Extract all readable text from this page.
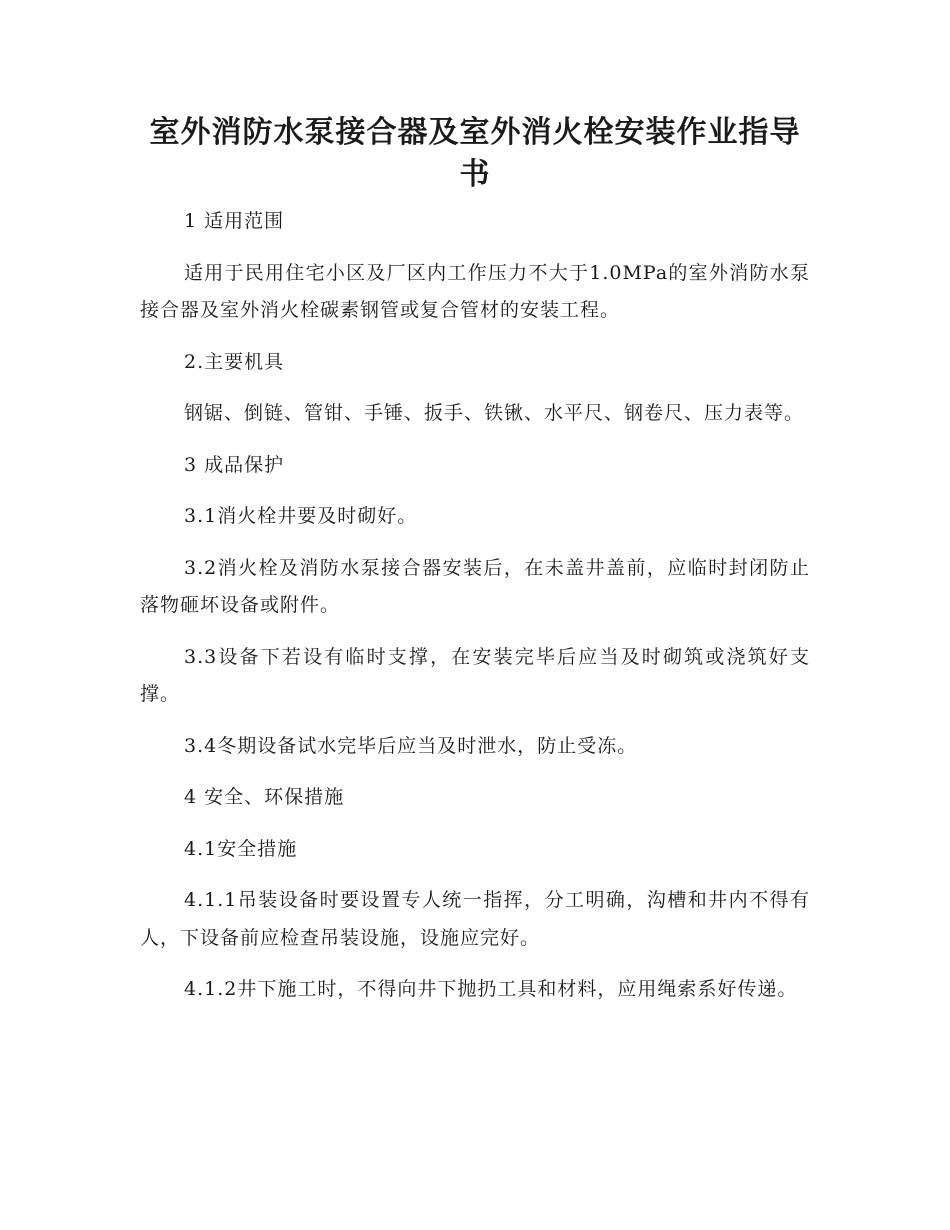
室外消防水泵接合器及室外消火栓安装作业指导书

1 适用范围

适用于民用住宅小区及厂区内工作压力不大于1.0MPa的室外消防水泵接合器及室外消火栓碳素钢管或复合管材的安装工程。

2.主要机具

钢锯、倒链、管钳、手锤、扳手、铁锹、水平尺、钢卷尺、压力表等。

3 成品保护

3.1消火栓井要及时砌好。

3.2消火栓及消防水泵接合器安装后，在未盖井盖前，应临时封闭防止落物砸坏设备或附件。

3.3设备下若设有临时支撑，在安装完毕后应当及时砌筑或浇筑好支撑。

3.4冬期设备试水完毕后应当及时泄水，防止受冻。

4 安全、环保措施

4.1安全措施

4.1.1吊装设备时要设置专人统一指挥，分工明确，沟槽和井内不得有人，下设备前应检查吊装设施，设施应完好。

4.1.2井下施工时，不得向井下抛扔工具和材料，应用绳索系好传递。
